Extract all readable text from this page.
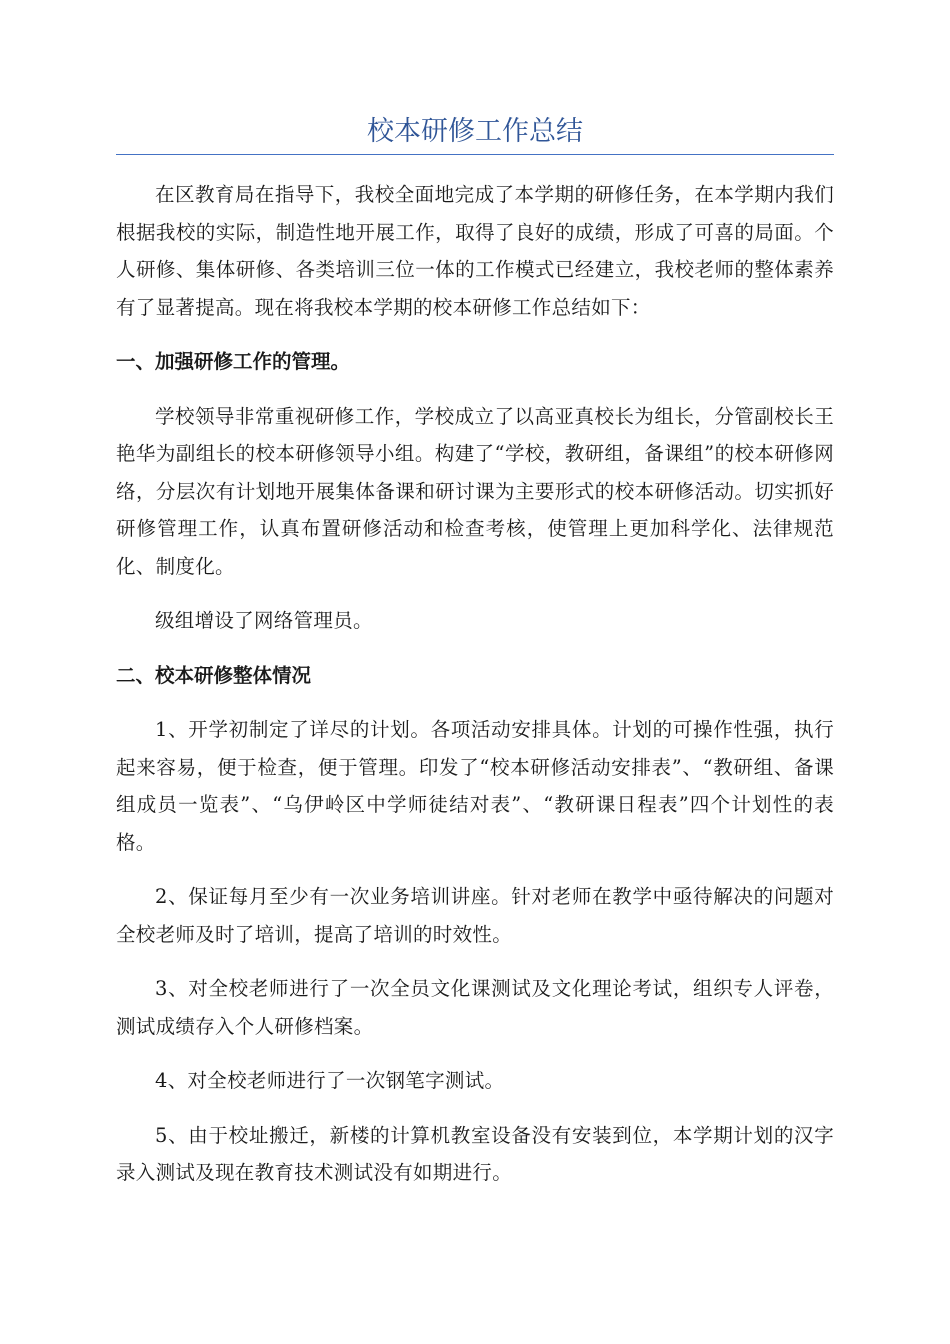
校本研修工作总结

在区教育局在指导下，我校全面地完成了本学期的研修任务，在本学期内我们根据我校的实际，制造性地开展工作，取得了良好的成绩，形成了可喜的局面。个人研修、集体研修、各类培训三位一体的工作模式已经建立，我校老师的整体素养有了显著提高。现在将我校本学期的校本研修工作总结如下：

一、加强研修工作的管理。

学校领导非常重视研修工作，学校成立了以高亚真校长为组长，分管副校长王艳华为副组长的校本研修领导小组。构建了“学校，教研组，备课组”的校本研修网络，分层次有计划地开展集体备课和研讨课为主要形式的校本研修活动。切实抓好研修管理工作，认真布置研修活动和检查考核，使管理上更加科学化、法律规范化、制度化。

级组增设了网络管理员。

二、校本研修整体情况

1、开学初制定了详尽的计划。各项活动安排具体。计划的可操作性强，执行起来容易，便于检查，便于管理。印发了“校本研修活动安排表”、“教研组、备课组成员一览表”、“乌伊岭区中学师徒结对表”、“教研课日程表”四个计划性的表格。

2、保证每月至少有一次业务培训讲座。针对老师在教学中亟待解决的问题对全校老师及时了培训，提高了培训的时效性。

3、对全校老师进行了一次全员文化课测试及文化理论考试，组织专人评卷，测试成绩存入个人研修档案。

4、对全校老师进行了一次钢笔字测试。

5、由于校址搬迁，新楼的计算机教室设备没有安装到位，本学期计划的汉字录入测试及现在教育技术测试没有如期进行。
